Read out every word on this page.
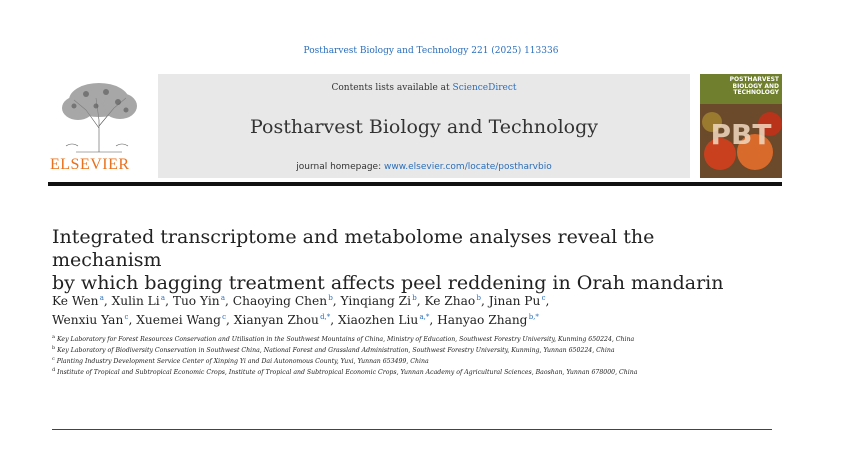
Postharvest Biology and Technology 221 (2025) 113336
ELSEVIER
Contents lists available at ScienceDirect
Postharvest Biology and Technology
journal homepage: www.elsevier.com/locate/postharvbio
POSTHARVEST BIOLOGY AND TECHNOLOGY
PBT
Integrated transcriptome and metabolome analyses reveal the mechanism
by which bagging treatment affects peel reddening in Orah mandarin
Ke Wen $^a$, Xulin Li $^a$, Tuo Yin $^a$, Chaoying Chen $^b$, Yinqiang Zi $^b$, Ke Zhao $^b$, Jinan Pu $^c$,
Wenxiu Yan $^c$, Xuemei Wang $^c$, Xianyan Zhou $^{d,*}$, Xiaozhen Liu $^{a,*}$, Hanyao Zhang $^{b,*}$

$^a$ Key Laboratory for Forest Resources Conservation and Utilisation in the Southwest Mountains of China, Ministry of Education, Southwest Forestry University, Kunming 650224, China

$^b$ Key Laboratory of Biodiversity Conservation in Southwest China, National Forest and Grassland Administration, Southwest Forestry University, Kunming, Yunnan 650224, China

$^c$ Planting Industry Development Service Center of Xinping Yi and Dai Autonomous County, Yuxi, Yunnan 653499, China

$^d$ Institute of Tropical and Subtropical Economic Crops, Institute of Tropical and Subtropical Economic Crops, Yunnan Academy of Agricultural Sciences, Baoshan, Yunnan 678000, China
